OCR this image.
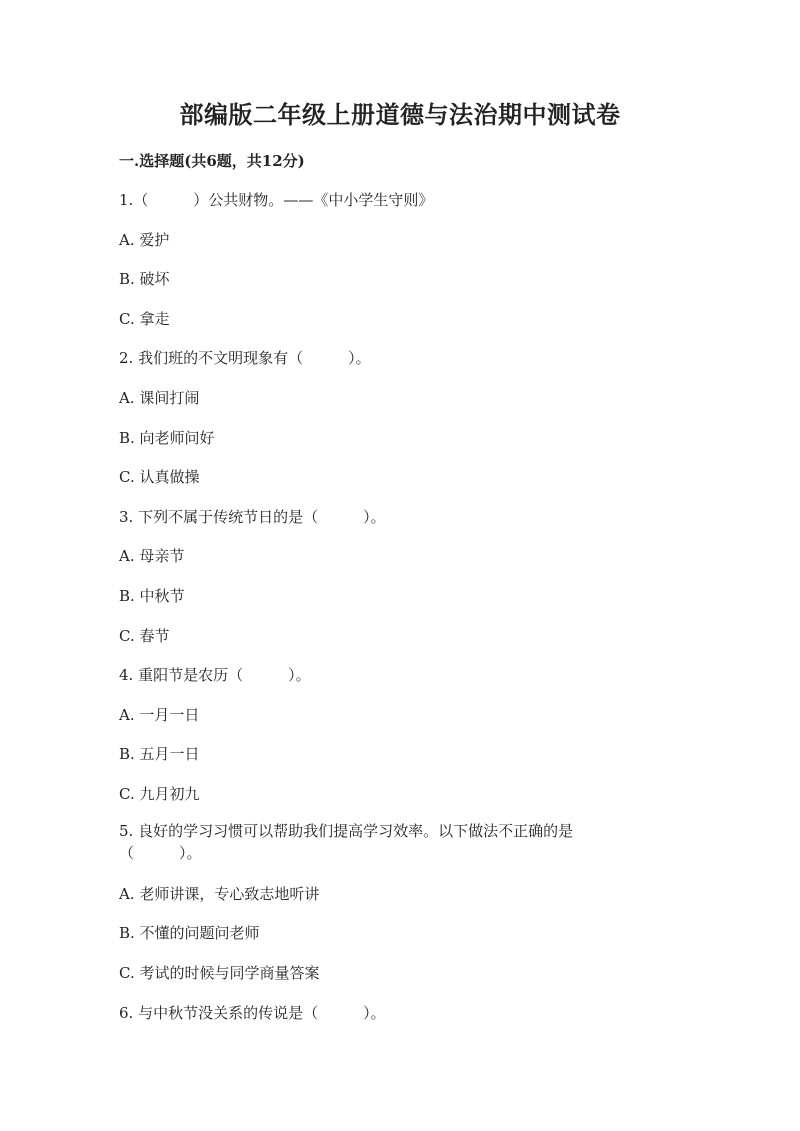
部编版二年级上册道德与法治期中测试卷
一.选择题(共6题，共12分)
1.（　　　）公共财物。——《中小学生守则》
A. 爱护
B. 破坏
C. 拿走
2. 我们班的不文明现象有（　　　）。
A. 课间打闹
B. 向老师问好
C. 认真做操
3. 下列不属于传统节日的是（　　　）。
A. 母亲节
B. 中秋节
C. 春节
4. 重阳节是农历（　　　）。
A. 一月一日
B. 五月一日
C. 九月初九
5. 良好的学习习惯可以帮助我们提高学习效率。以下做法不正确的是（　　　）。
A. 老师讲课，专心致志地听讲
B. 不懂的问题问老师
C. 考试的时候与同学商量答案
6. 与中秋节没关系的传说是（　　　）。
